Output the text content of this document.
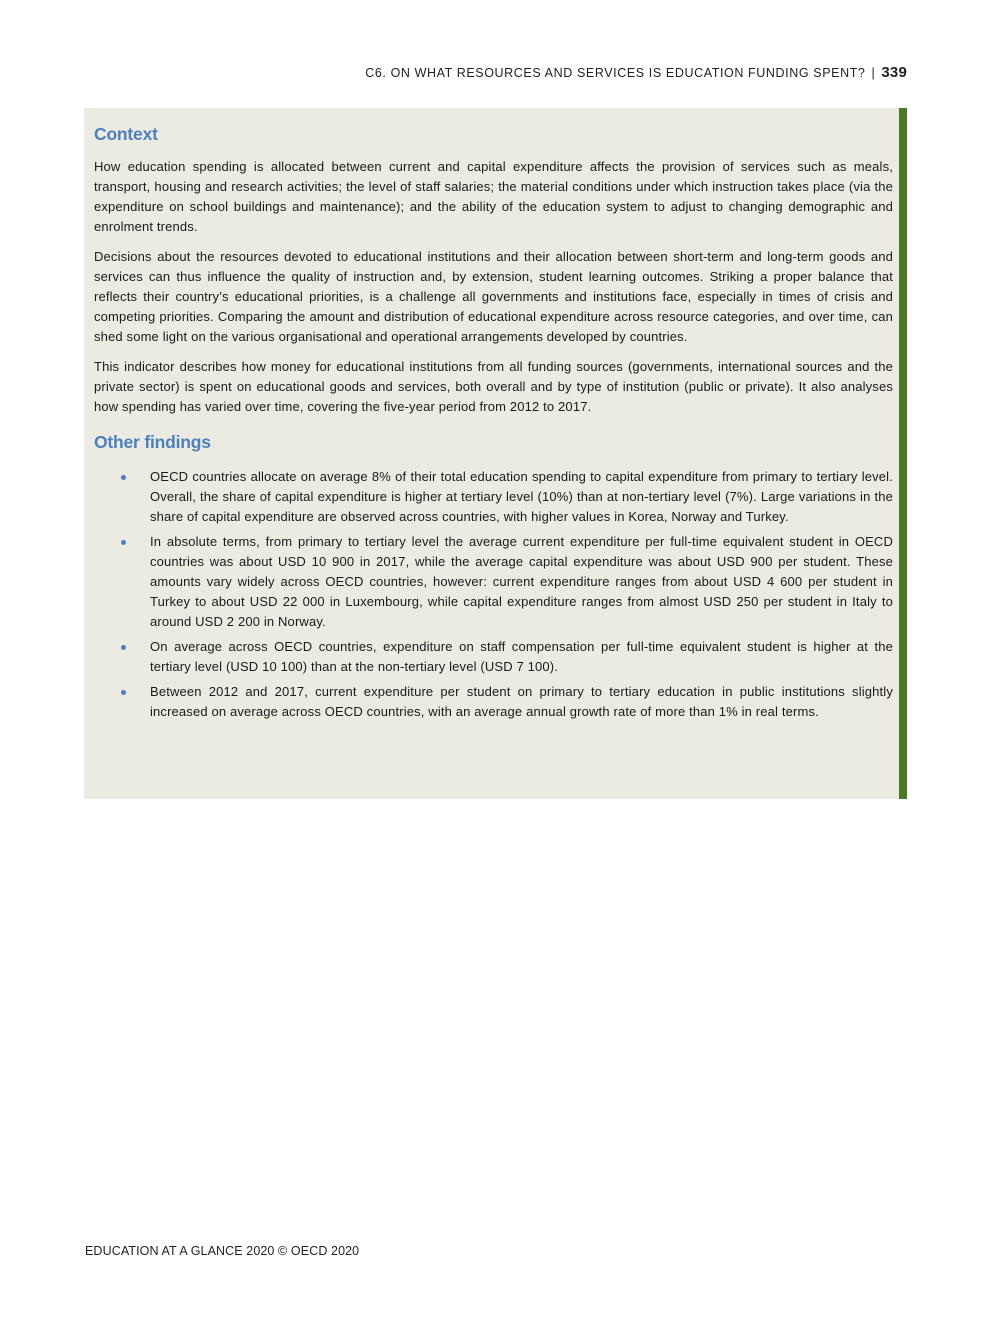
C6. ON WHAT RESOURCES AND SERVICES IS EDUCATION FUNDING SPENT? | 339
Context

How education spending is allocated between current and capital expenditure affects the provision of services such as meals, transport, housing and research activities; the level of staff salaries; the material conditions under which instruction takes place (via the expenditure on school buildings and maintenance); and the ability of the education system to adjust to changing demographic and enrolment trends.

Decisions about the resources devoted to educational institutions and their allocation between short-term and long-term goods and services can thus influence the quality of instruction and, by extension, student learning outcomes. Striking a proper balance that reflects their country’s educational priorities, is a challenge all governments and institutions face, especially in times of crisis and competing priorities. Comparing the amount and distribution of educational expenditure across resource categories, and over time, can shed some light on the various organisational and operational arrangements developed by countries.

This indicator describes how money for educational institutions from all funding sources (governments, international sources and the private sector) is spent on educational goods and services, both overall and by type of institution (public or private). It also analyses how spending has varied over time, covering the five-year period from 2012 to 2017.

Other findings
OECD countries allocate on average 8% of their total education spending to capital expenditure from primary to tertiary level. Overall, the share of capital expenditure is higher at tertiary level (10%) than at non-tertiary level (7%). Large variations in the share of capital expenditure are observed across countries, with higher values in Korea, Norway and Turkey.
In absolute terms, from primary to tertiary level the average current expenditure per full-time equivalent student in OECD countries was about USD 10 900 in 2017, while the average capital expenditure was about USD 900 per student. These amounts vary widely across OECD countries, however: current expenditure ranges from about USD 4 600 per student in Turkey to about USD 22 000 in Luxembourg, while capital expenditure ranges from almost USD 250 per student in Italy to around USD 2 200 in Norway.
On average across OECD countries, expenditure on staff compensation per full-time equivalent student is higher at the tertiary level (USD 10 100) than at the non-tertiary level (USD 7 100).
Between 2012 and 2017, current expenditure per student on primary to tertiary education in public institutions slightly increased on average across OECD countries, with an average annual growth rate of more than 1% in real terms.
EDUCATION AT A GLANCE 2020 © OECD 2020
